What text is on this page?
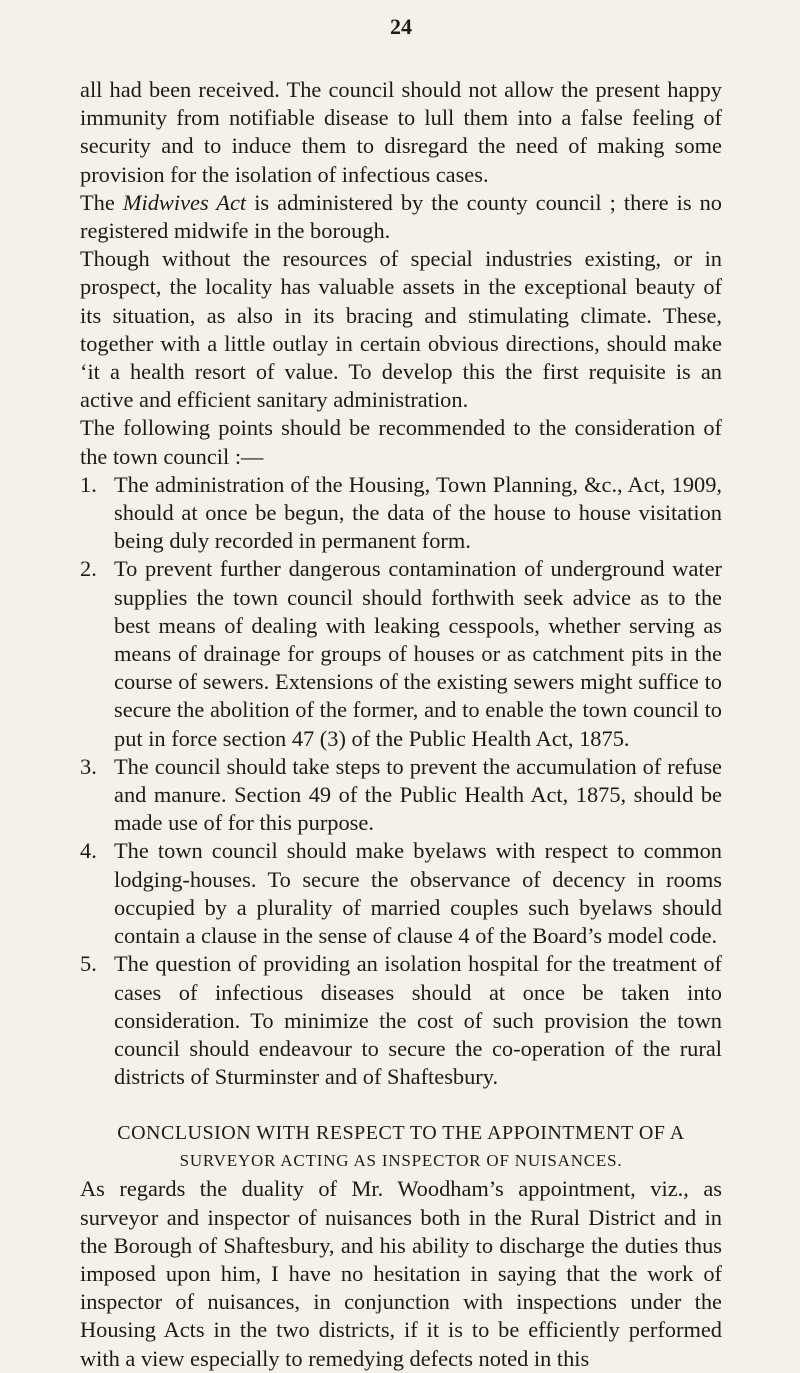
24

all had been received. The council should not allow the present happy immunity from notifiable disease to lull them into a false feeling of security and to induce them to disregard the need of making some provision for the isolation of infectious cases.

The Midwives Act is administered by the county council ; there is no registered midwife in the borough.

Though without the resources of special industries existing, or in prospect, the locality has valuable assets in the exceptional beauty of its situation, as also in its bracing and stimulating climate. These, together with a little outlay in certain obvious directions, should make ‘it a health resort of value. To develop this the first requisite is an active and efficient sanitary administration.

The following points should be recommended to the consideration of the town council :—

1. The administration of the Housing, Town Planning, &c., Act, 1909, should at once be begun, the data of the house to house visitation being duly recorded in permanent form.
2. To prevent further dangerous contamination of underground water supplies the town council should forthwith seek advice as to the best means of dealing with leaking cesspools, whether serving as means of drainage for groups of houses or as catchment pits in the course of sewers. Extensions of the existing sewers might suffice to secure the abolition of the former, and to enable the town council to put in force section 47 (3) of the Public Health Act, 1875.
3. The council should take steps to prevent the accumulation of refuse and manure. Section 49 of the Public Health Act, 1875, should be made use of for this purpose.
4. The town council should make byelaws with respect to common lodging-houses. To secure the observance of decency in rooms occupied by a plurality of married couples such byelaws should contain a clause in the sense of clause 4 of the Board’s model code.
5. The question of providing an isolation hospital for the treatment of cases of infectious diseases should at once be taken into consideration. To minimize the cost of such provision the town council should endeavour to secure the co-operation of the rural districts of Sturminster and of Shaftesbury.
CONCLUSION WITH RESPECT TO THE APPOINTMENT OF A
SURVEYOR ACTING AS INSPECTOR OF NUISANCES.

As regards the duality of Mr. Woodham’s appointment, viz., as surveyor and inspector of nuisances both in the Rural District and in the Borough of Shaftesbury, and his ability to discharge the duties thus imposed upon him, I have no hesitation in saying that the work of inspector of nuisances, in conjunction with inspections under the Housing Acts in the two districts, if it is to be efficiently performed with a view especially to remedying defects noted in this
